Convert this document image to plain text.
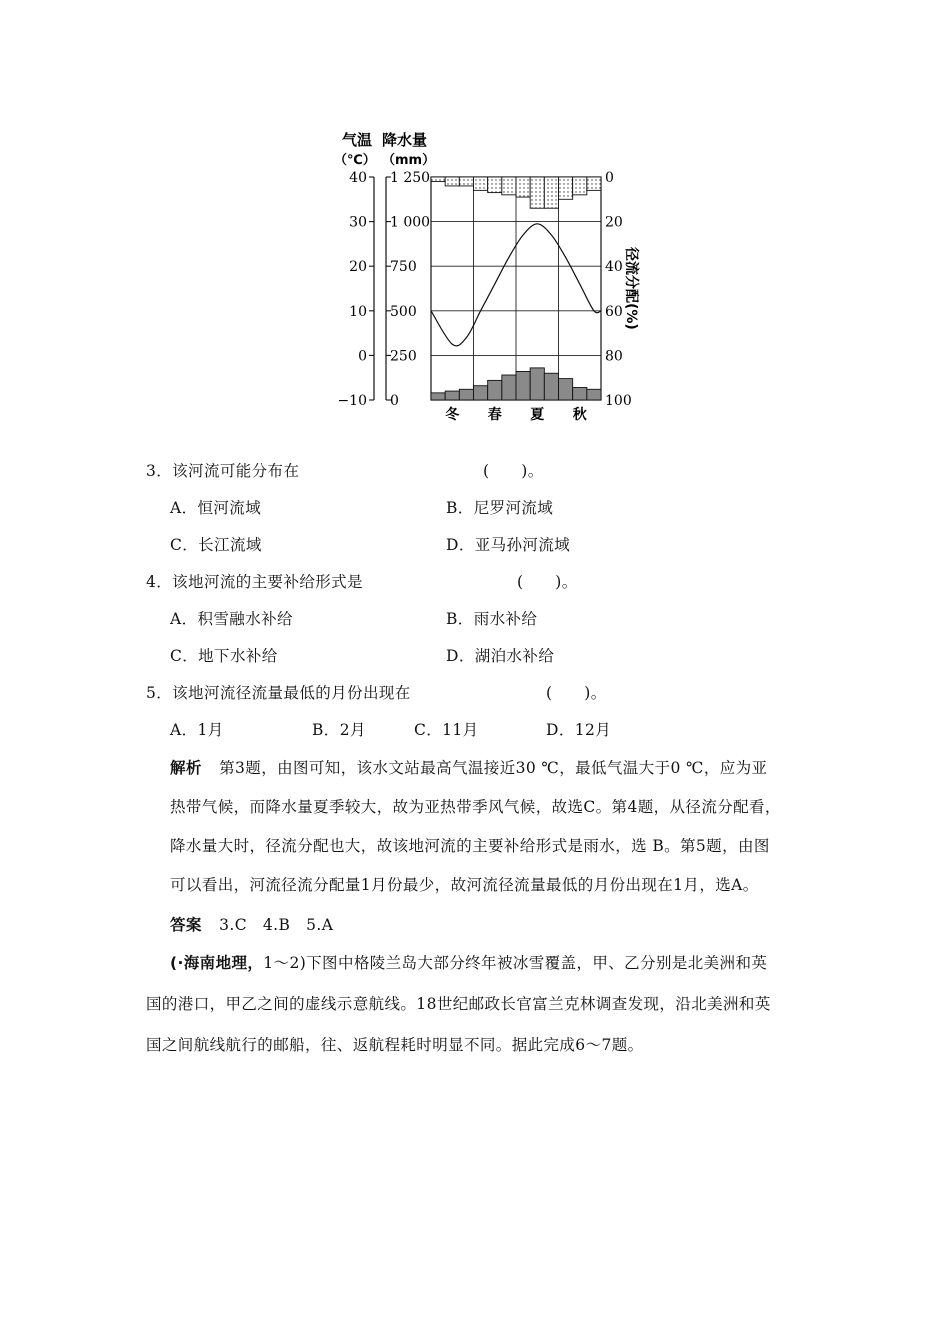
气温 降水量
（℃） （mm）
40
30
20
10
0
−10
1 250
1 000
750
500
250
0
0
20
40
60
80
100
径流分配(%)
冬 春 夏 秋
3．该河流可能分布在	(　　)。
A．恒河流域	B．尼罗河流域
C．长江流域	D．亚马孙河流域
4．该地河流的主要补给形式是	(　　)。
A．积雪融水补给	B．雨水补给
C．地下水补给	D．湖泊水补给
5．该地河流径流量最低的月份出现在	(　　)。
A．1月	B．2月	C．11月	D．12月
解析 第3题，由图可知，该水文站最高气温接近30 ℃，最低气温大于0 ℃，应为亚
热带气候，而降水量夏季较大，故为亚热带季风气候，故选C。第4题，从径流分配看，
降水量大时，径流分配也大，故该地河流的主要补给形式是雨水，选 B。第5题，由图
可以看出，河流径流分配量1月份最少，故河流径流量最低的月份出现在1月，选A。
答案 3.C　4.B　5.A
(·海南地理，1～2)下图中格陵兰岛大部分终年被冰雪覆盖，甲、乙分别是北美洲和英
国的港口，甲乙之间的虚线示意航线。18世纪邮政长官富兰克林调查发现，沿北美洲和英
国之间航线航行的邮船，往、返航程耗时明显不同。据此完成6～7题。
